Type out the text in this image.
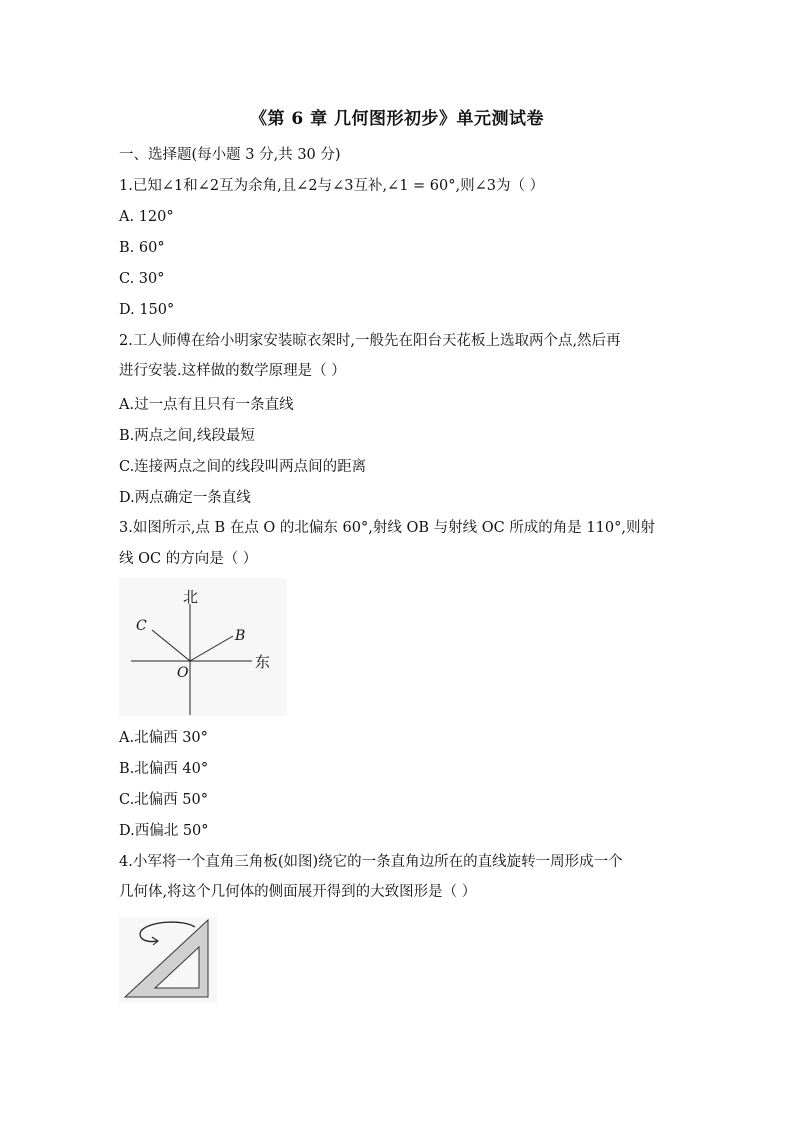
《第 6 章 几何图形初步》单元测试卷
一、选择题(每小题 3 分,共 30 分)
1.已知∠1和∠2互为余角,且∠2与∠3互补,∠1 = 60°,则∠3为（ ）
A. 120°
B. 60°
C. 30°
D. 150°
2.工人师傅在给小明家安装晾衣架时,一般先在阳台天花板上选取两个点,然后再
进行安装.这样做的数学原理是（ ）
A.过一点有且只有一条直线
B.两点之间,线段最短
C.连接两点之间的线段叫两点间的距离
D.两点确定一条直线
3.如图所示,点 B 在点 O 的北偏东 60°,射线 OB 与射线 OC 所成的角是 110°,则射
线 OC 的方向是（ ）
北
东
C
B
O
A.北偏西 30°
B.北偏西 40°
C.北偏西 50°
D.西偏北 50°
4.小军将一个直角三角板(如图)绕它的一条直角边所在的直线旋转一周形成一个
几何体,将这个几何体的侧面展开得到的大致图形是（ ）
